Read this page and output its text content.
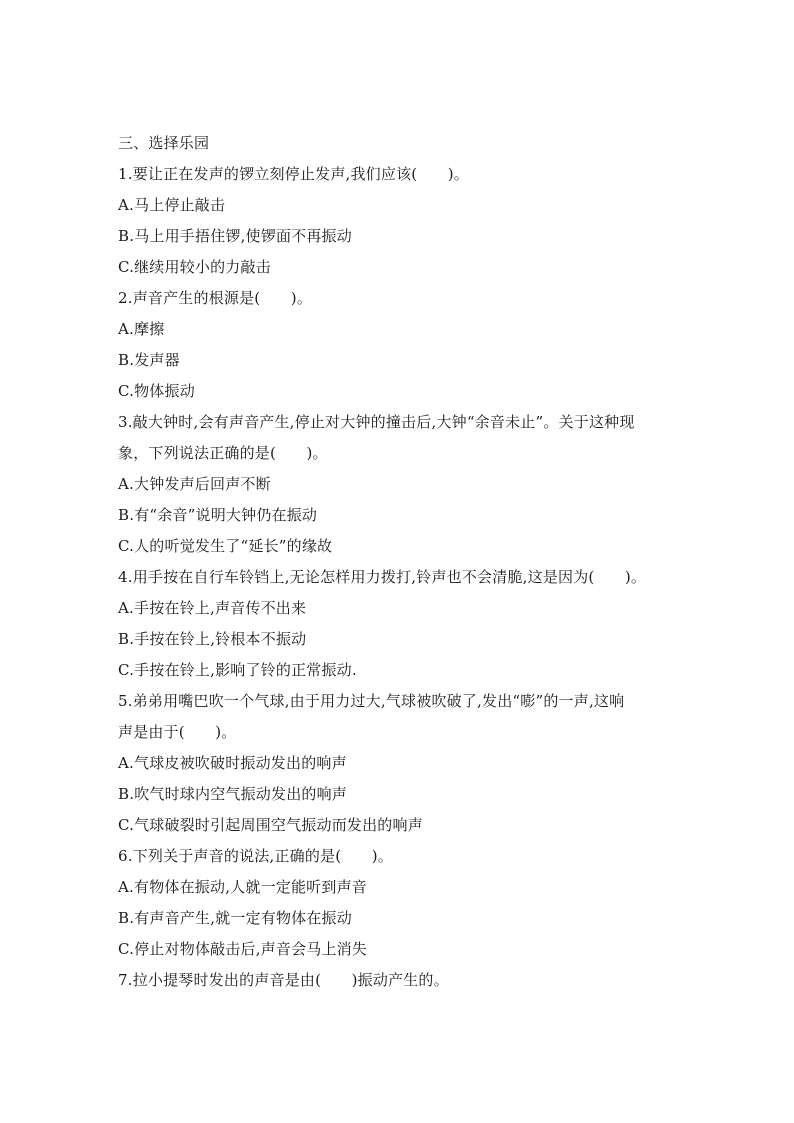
三、选择乐园
1.要让正在发声的锣立刻停止发声,我们应该(　　)。
A.马上停止敲击
B.马上用手捂住锣,使锣面不再振动
C.继续用较小的力敲击
2.声音产生的根源是(　　)。
A.摩擦
B.发声器
C.物体振动
3.敲大钟时,会有声音产生,停止对大钟的撞击后,大钟“余音未止”。关于这种现
象，下列说法正确的是(　　)。
A.大钟发声后回声不断
B.有“余音”说明大钟仍在振动
C.人的听觉发生了“延长”的缘故
4.用手按在自行车铃铛上,无论怎样用力拨打,铃声也不会清脆,这是因为(　　)。
A.手按在铃上,声音传不出来
B.手按在铃上,铃根本不振动
C.手按在铃上,影响了铃的正常振动.
5.弟弟用嘴巴吹一个气球,由于用力过大,气球被吹破了,发出“嘭”的一声,这响
声是由于(　　)。
A.气球皮被吹破时振动发出的响声
B.吹气时球内空气振动发出的响声
C.气球破裂时引起周围空气振动而发出的响声
6.下列关于声音的说法,正确的是(　　)。
A.有物体在振动,人就一定能听到声音
B.有声音产生,就一定有物体在振动
C.停止对物体敲击后,声音会马上消失
7.拉小提琴时发出的声音是由(　　)振动产生的。
